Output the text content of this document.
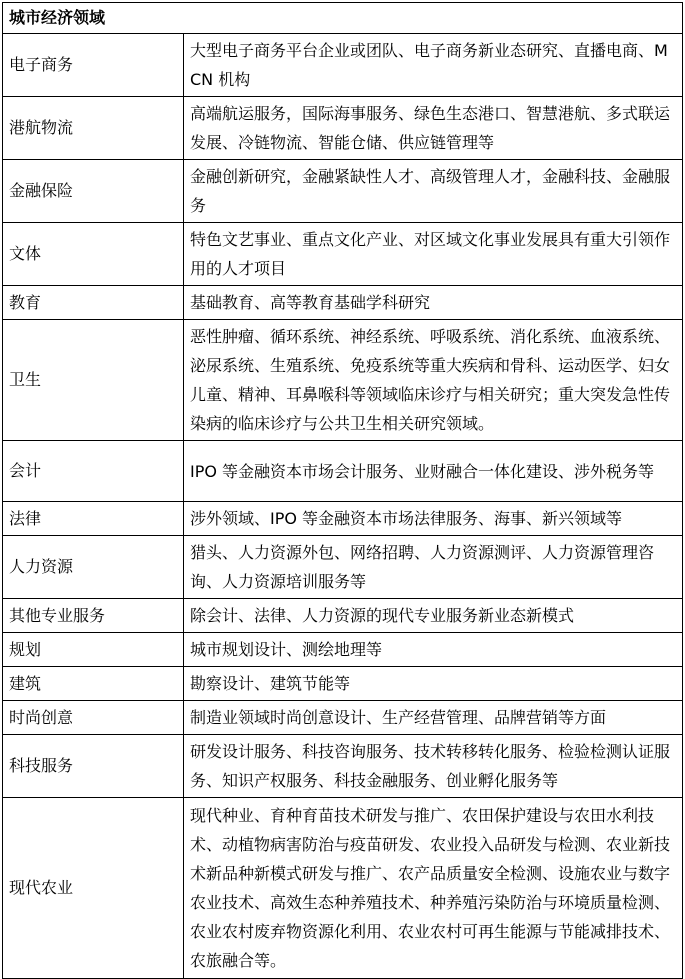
城市经济领域	
电子商务	大型电子商务平台企业或团队、电子商务新业态研究、直播电商、MCN 机构
港航物流	高端航运服务，国际海事服务、绿色生态港口、智慧港航、多式联运发展、冷链物流、智能仓储、供应链管理等
金融保险	金融创新研究，金融紧缺性人才、高级管理人才，金融科技、金融服务
文体	特色文艺事业、重点文化产业、对区域文化事业发展具有重大引领作用的人才项目
教育	基础教育、高等教育基础学科研究
卫生	恶性肿瘤、循环系统、神经系统、呼吸系统、消化系统、血液系统、泌尿系统、生殖系统、免疫系统等重大疾病和骨科、运动医学、妇女儿童、精神、耳鼻喉科等领域临床诊疗与相关研究；重大突发急性传染病的临床诊疗与公共卫生相关研究领域。
会计	IPO 等金融资本市场会计服务、业财融合一体化建设、涉外税务等
法律	涉外领域、IPO 等金融资本市场法律服务、海事、新兴领域等
人力资源	猎头、人力资源外包、网络招聘、人力资源测评、人力资源管理咨询、人力资源培训服务等
其他专业服务	除会计、法律、人力资源的现代专业服务新业态新模式
规划	城市规划设计、测绘地理等
建筑	勘察设计、建筑节能等
时尚创意	制造业领域时尚创意设计、生产经营管理、品牌营销等方面
科技服务	研发设计服务、科技咨询服务、技术转移转化服务、检验检测认证服务、知识产权服务、科技金融服务、创业孵化服务等
现代农业	现代种业、育种育苗技术研发与推广、农田保护建设与农田水利技术、动植物病害防治与疫苗研发、农业投入品研发与检测、农业新技术新品种新模式研发与推广、农产品质量安全检测、设施农业与数字农业技术、高效生态种养殖技术、种养殖污染防治与环境质量检测、农业农村废弃物资源化利用、农业农村可再生能源与节能减排技术、农旅融合等。
